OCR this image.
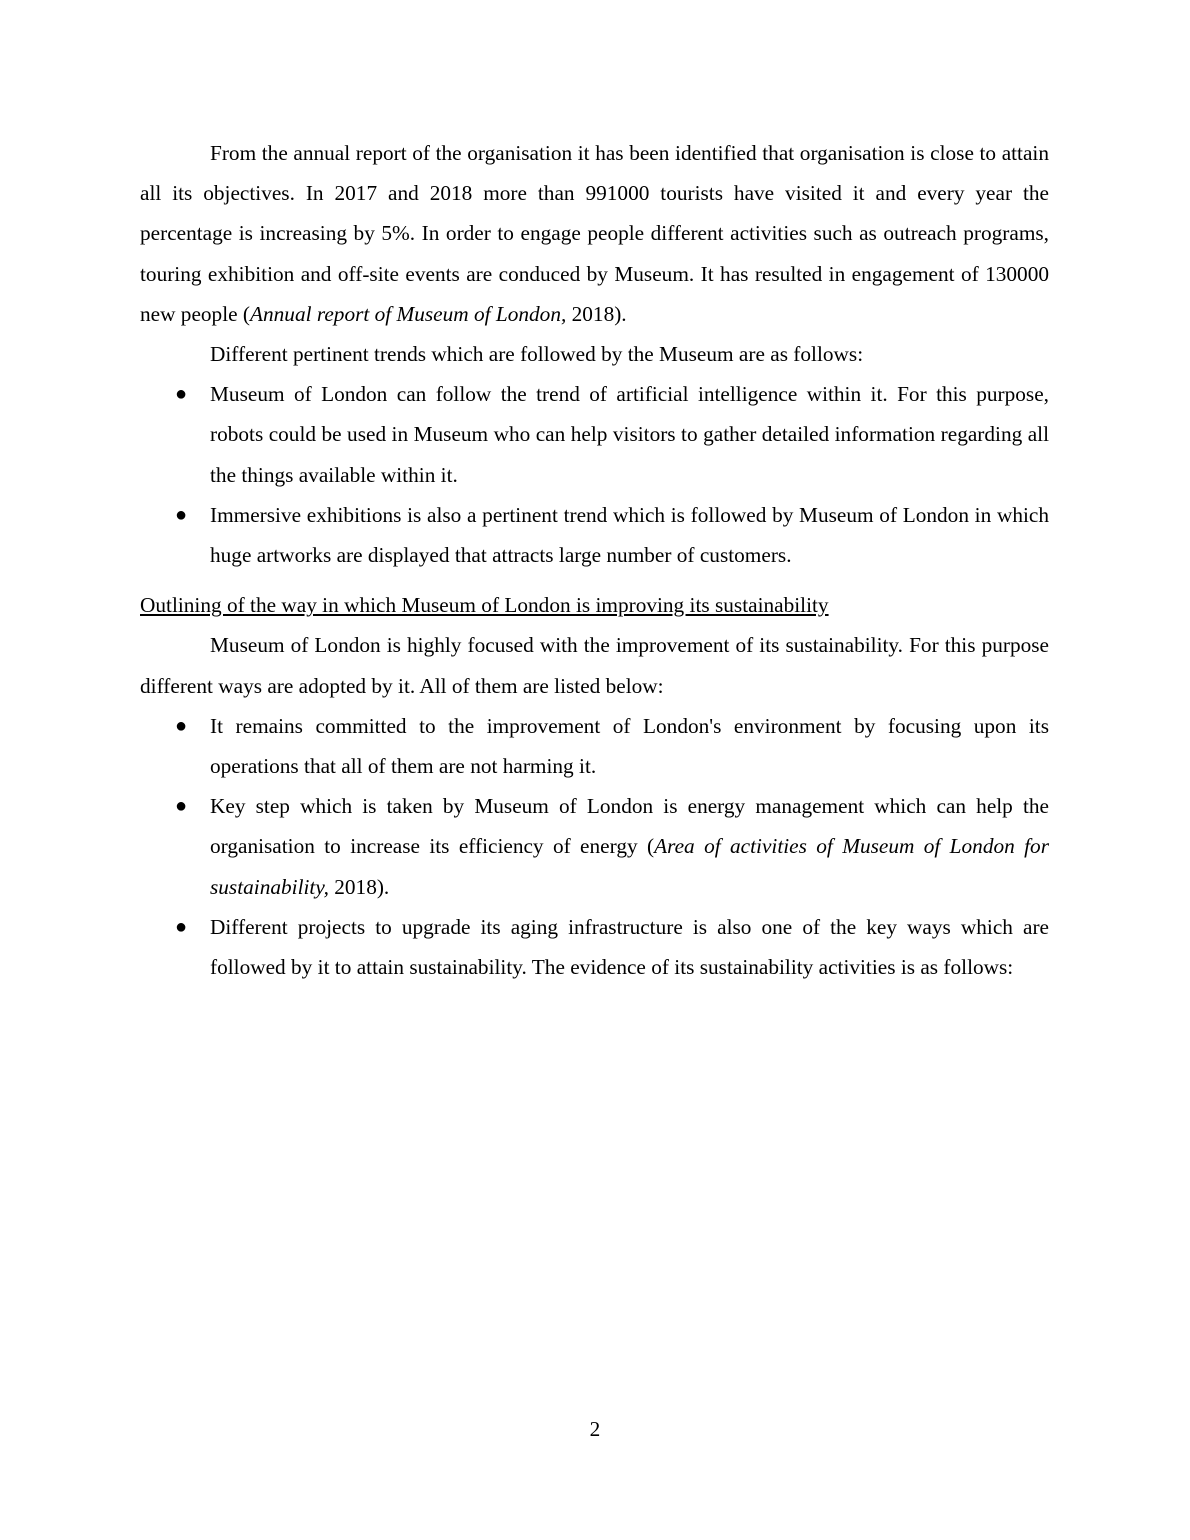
From the annual report of the organisation it has been identified that organisation is close to attain all its objectives. In 2017 and 2018 more than 991000 tourists have visited it and every year the percentage is increasing by 5%. In order to engage people different activities such as outreach programs, touring exhibition and off-site events are conduced by Museum. It has resulted in engagement of 130000 new people (Annual report of Museum of London, 2018).

Different pertinent trends which are followed by the Museum are as follows:

● Museum of London can follow the trend of artificial intelligence within it. For this purpose, robots could be used in Museum who can help visitors to gather detailed information regarding all the things available within it.
● Immersive exhibitions is also a pertinent trend which is followed by Museum of London in which huge artworks are displayed that attracts large number of customers.

Outlining of the way in which Museum of London is improving its sustainability

Museum of London is highly focused with the improvement of its sustainability. For this purpose different ways are adopted by it. All of them are listed below:

● It remains committed to the improvement of London's environment by focusing upon its operations that all of them are not harming it.
● Key step which is taken by Museum of London is energy management which can help the organisation to increase its efficiency of energy (Area of activities of Museum of London for sustainability, 2018).
● Different projects to upgrade its aging infrastructure is also one of the key ways which are followed by it to attain sustainability. The evidence of its sustainability activities is as follows:
2
